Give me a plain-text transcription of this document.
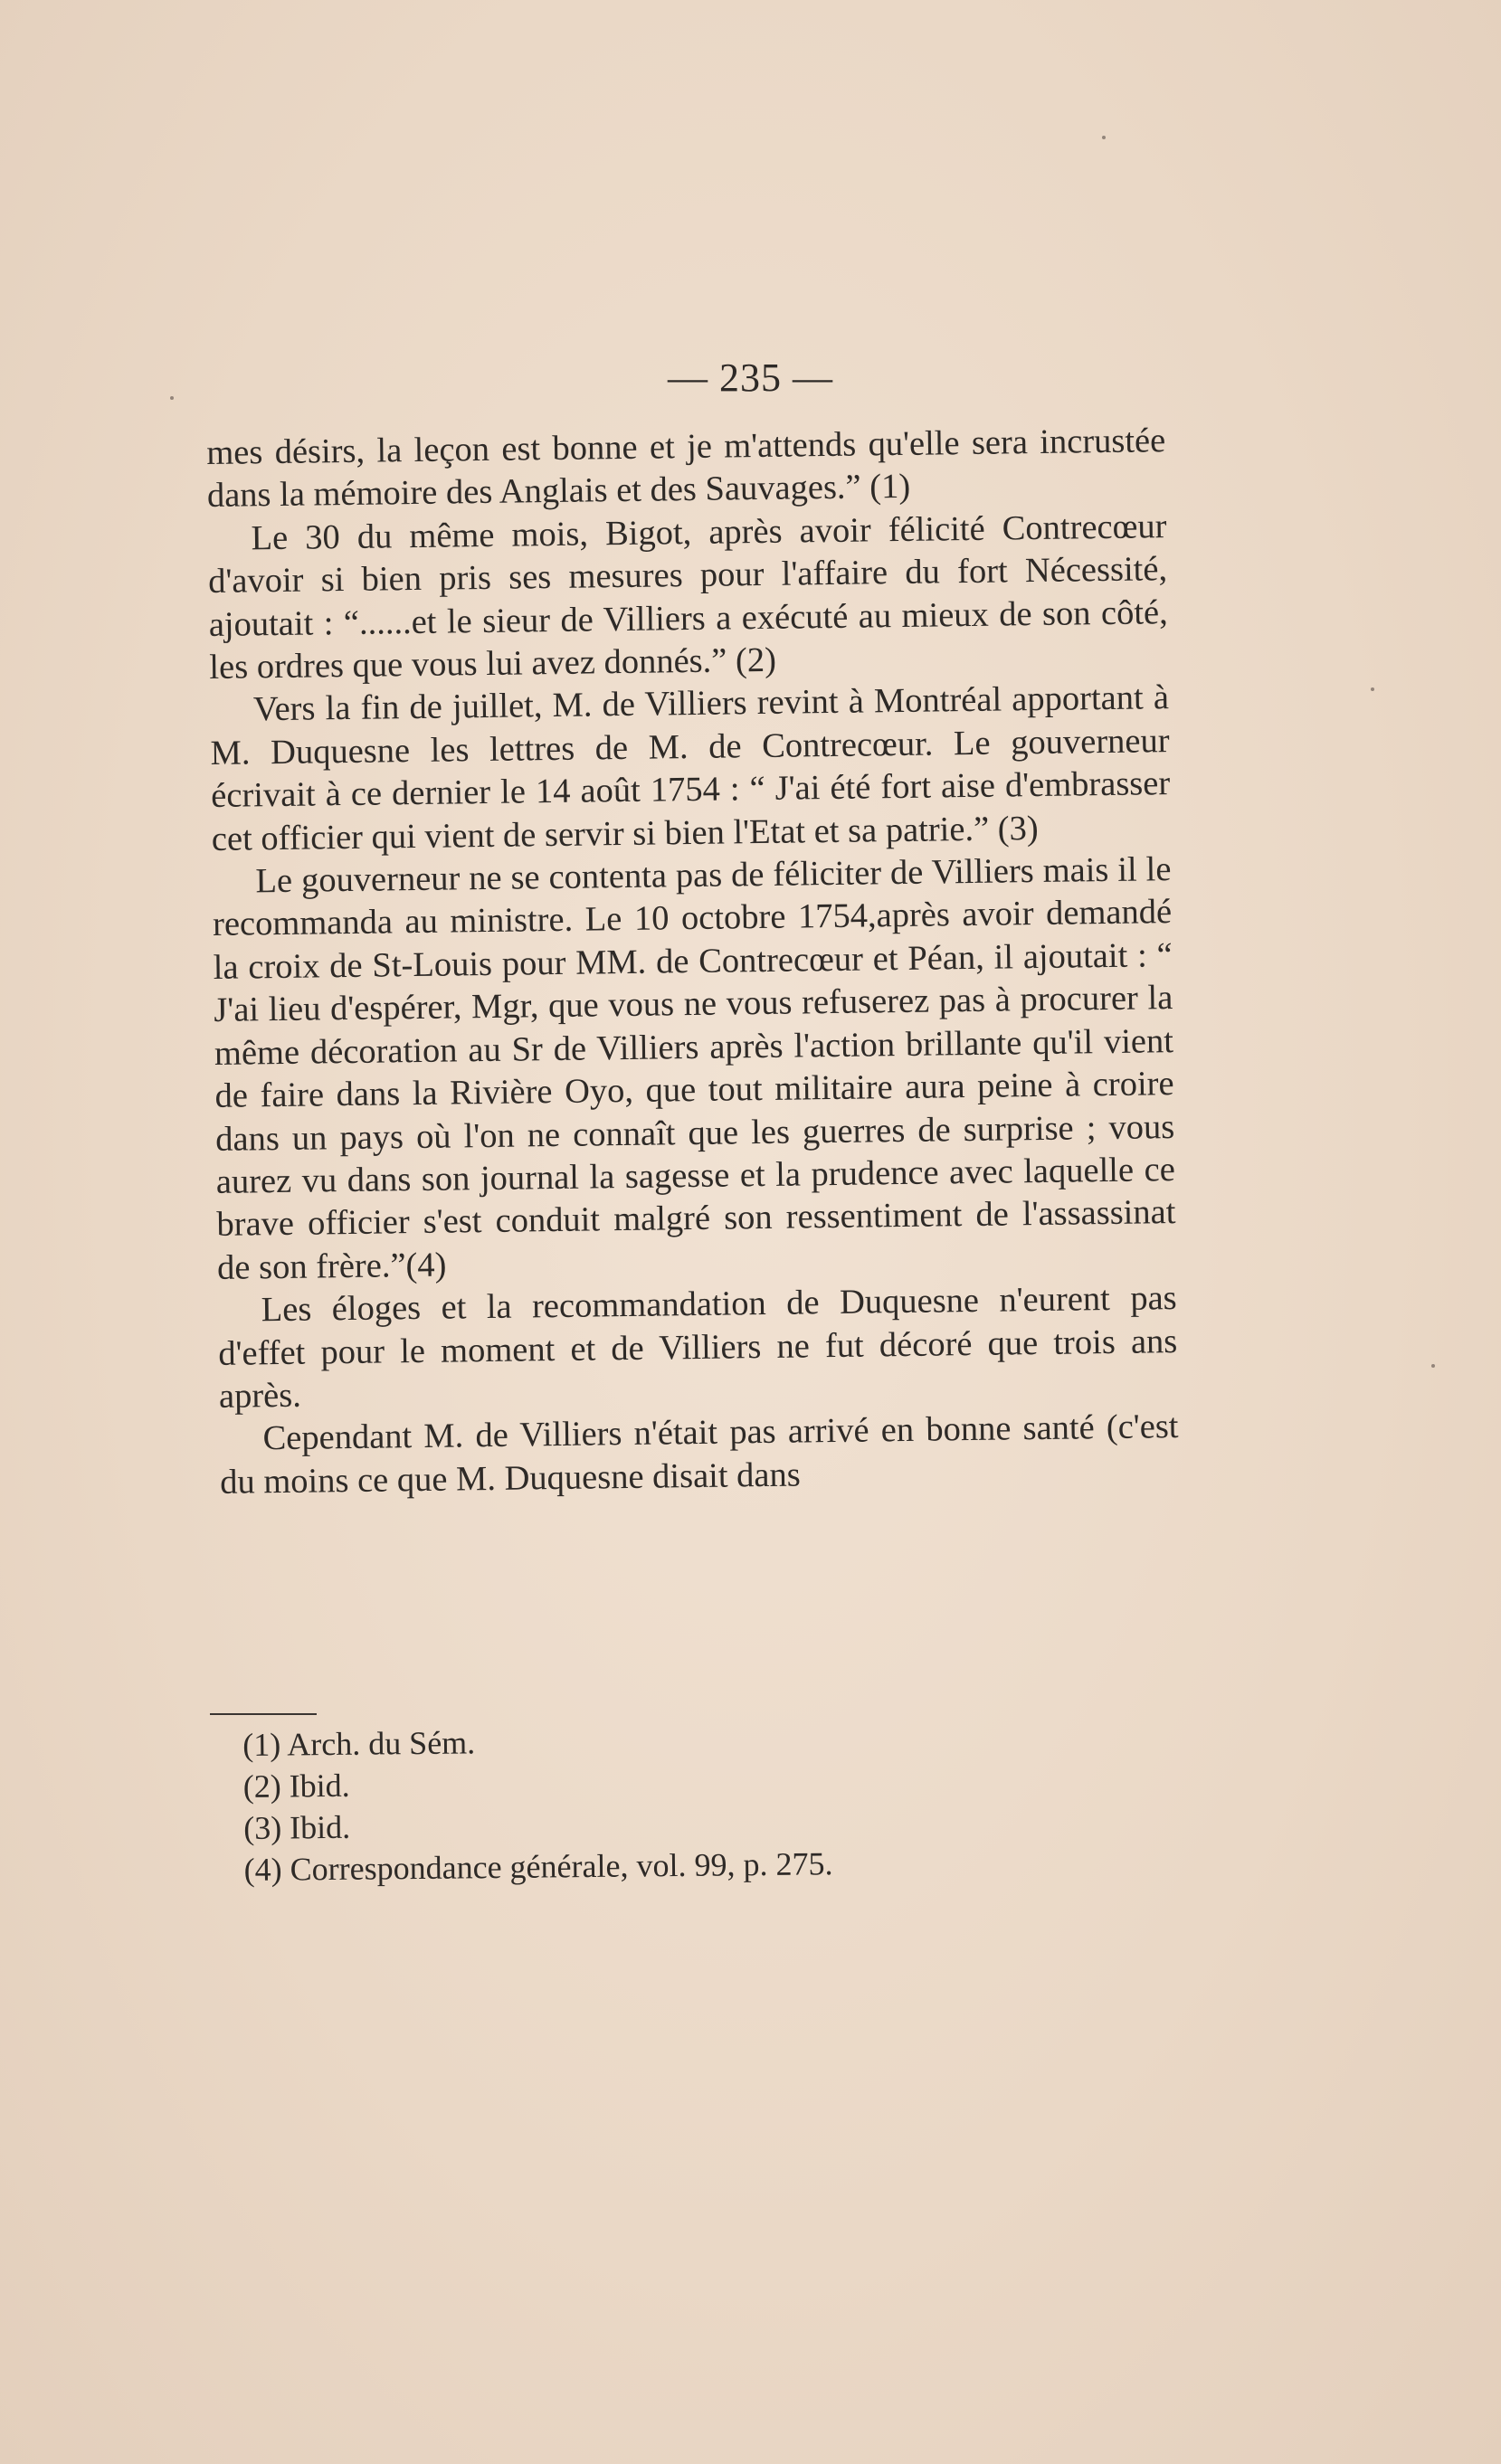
— 235 —

mes désirs, la leçon est bonne et je m'attends qu'elle sera incrustée dans la mémoire des Anglais et des Sauvages.” (1)

Le 30 du même mois, Bigot, après avoir félicité Contrecœur d'avoir si bien pris ses mesures pour l'affaire du fort Nécessité, ajoutait : “......et le sieur de Villiers a exécuté au mieux de son côté, les ordres que vous lui avez donnés.” (2)

Vers la fin de juillet, M. de Villiers revint à Montréal apportant à M. Duquesne les lettres de M. de Contrecœur. Le gouverneur écrivait à ce dernier le 14 août 1754 : “ J'ai été fort aise d'embrasser cet officier qui vient de servir si bien l'Etat et sa patrie.” (3)

Le gouverneur ne se contenta pas de féliciter de Villiers mais il le recommanda au ministre. Le 10 octobre 1754,après avoir demandé la croix de St-Louis pour MM. de Contrecœur et Péan, il ajoutait : “ J'ai lieu d'espérer, Mgr, que vous ne vous refuserez pas à procurer la même décoration au Sr de Villiers après l'action brillante qu'il vient de faire dans la Rivière Oyo, que tout militaire aura peine à croire dans un pays où l'on ne connaît que les guerres de surprise ; vous aurez vu dans son journal la sagesse et la prudence avec laquelle ce brave officier s'est conduit malgré son ressentiment de l'assassinat de son frère.”(4)

Les éloges et la recommandation de Duquesne n'eurent pas d'effet pour le moment et de Villiers ne fut décoré que trois ans après.

Cependant M. de Villiers n'était pas arrivé en bonne santé (c'est du moins ce que M. Duquesne disait dans

(1) Arch. du Sém.
(2) Ibid.
(3) Ibid.
(4) Correspondance générale, vol. 99, p. 275.
